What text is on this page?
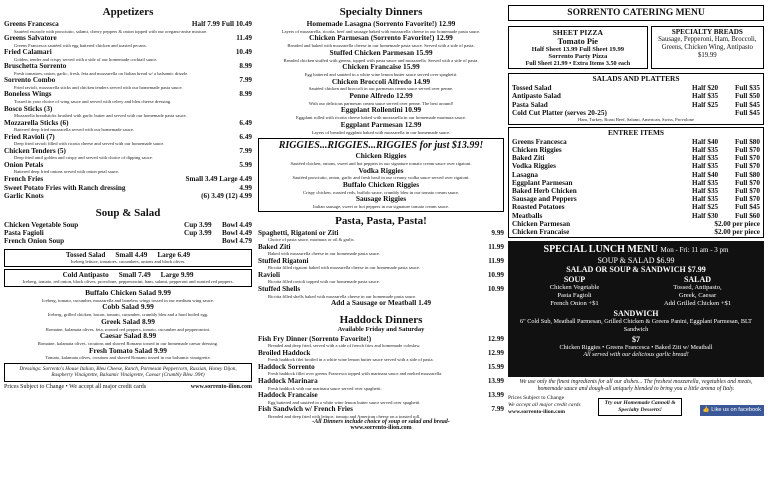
Appetizers
Greens Francesca	Half 7.99 Full 10.49
Sautéed escarole with prosciutto, salami, cherry peppers & onion topped with our oregano-anise mixture.
Greens Salvatore	11.49
Greens Francesca sautéed with egg battered chicken and toasted pecans.
Fried Calamari	10.49
Golden, tender and crispy served with a side of our homemade cocktail sauce.
Bruschetta Sorrento	8.99
Fresh tomatoes, onion, garlic, fresh, feta and mozzarella on Italian bread w/ a balsamic drizzle.
Sorrento Combo	7.99
Fried ravioli, mozzarella sticks and chicken tenders served with our homemade pasta sauce.
Boneless Wings	8.99
Tossed in your choice of wing sauce and served with celery and bleu cheese dressing.
Bosco Sticks (3)
Mozzarella breadsticks brushed with garlic butter and served with our homemade pasta sauce.
Mozzarella Sticks (6)	6.49
Battered deep fried mozzarella served with our homemade sauce.
Fried Ravioli (7)	6.49
Deep fried ravioli filled with ricotta cheese and served with our homemade sauce.
Chicken Tenders (5)	7.99
Deep fried until golden and crispy and served with choice of dipping sauce.
Onion Petals	5.99
Battered deep fried onions served with onion petal sauce.
French Fries	Small 3.49 Large 4.49
Sweet Potato Fries with Ranch dressing	4.99
Garlic Knots	(6) 3.49 (12) 4.99
Soup & Salad
Chicken Vegetable Soup	Cup 3.99	Bowl 4.49
Pasta Fagioli	Cup 3.99	Bowl 4.49
French Onion Soup	Bowl 4.79
Tossed Salad Small 4.49 Large 6.49
Iceberg lettuce, tomatoes, cucumbers, onions and black olives.
Cold Antipasto Small 7.49 Large 9.99
Iceberg, tomato, red onion, black olives, provolone, pepperoncini, ham, salami, pepperoni and roasted red peppers.
Buffalo Chicken Salad 9.99
Iceberg, tomato, cucumber, mozzarella and boneless wings tossed in our medium wing sauce.
Cobb Salad 9.99
Iceberg, grilled chicken, bacon, tomato, cucumber, crumbly bleu and a hard boiled egg.
Greek Salad 8.99
Romaine, kalamata olives, feta, roasted red peppers, tomato, cucumber and pepperoncini.
Caesar Salad 8.99
Romaine, kalamata olives, croutons and shaved Romano tossed in our homemade caesar dressing.
Fresh Tomato Salad 9.99
Tomato, kalamata olives, croutons and shaved Romano tossed in our balsamic vinaigrette.
Dressings: Sorrento's House Italian, Bleu Cheese, Ranch, Parmesan Peppercorn, Russian, Honey Dijon, Raspberry Vinaigrette, Balsamic Vinaigrette, Caesar (Crumbly Bleu .99¢)
Prices Subject to Change • We accept all major credit cards	www.sorrento-ilion.com
Specialty Dinners
Homemade Lasagna (Sorrento Favorite!) 12.99
Layers of mozzarella, ricotta, beef and sausage baked with mozzarella cheese in our homemade pasta sauce.
Chicken Parmesan (Sorrento Favorite!) 12.99
Breaded and baked with mozzarella cheese in our homemade pasta sauce. Served with a side of pasta.
Stuffed Chicken Parmesan 15.99
Breaded chicken stuffed with greens, topped with pasta sauce and mozzarella. Served with a side of pasta.
Chicken Francaise 15.99
Egg battered and sautéed in a white wine lemon butter sauce served over spaghetti.
Chicken Broccoli Alfredo 14.99
Sautéed chicken and broccoli in our parmesan cream sauce served over penne.
Penne Alfredo 12.99
With our delicious parmesan cream sauce served over penne. The best around!
Eggplant Rollentini 10.99
Eggplant rolled with ricotta cheese baked with mozzarella in our homemade marinara sauce.
Eggplant Parmesan 12.99
Layers of breaded eggplant baked with mozzarella in our homemade sauce.
RIGGIES...RIGGIES...RIGGIES for just $13.99!
Chicken Riggies
Sautéed chicken, onions, sweet and hot peppers in our signature tomato cream sauce over rigatoni.
Vodka Riggies
Sautéed prosciutto, onion, garlic and fresh basil in our creamy vodka sauce served over rigatoni.
Buffalo Chicken Riggies
Crispy chicken, roasted reds, buffalo sauce, crumbly bleu in our tomato cream sauce.
Sausage Riggies
Italian sausage, sweet or hot peppers in our signature tomato cream sauce.
Pasta, Pasta, Pasta!
Spaghetti, Rigatoni or Ziti	9.99
Choice of pasta sauce, marinara or oil & garlic.
Baked Ziti	11.99
Baked with mozzarella cheese in our homemade pasta sauce.
Stuffed Rigatoni	11.99
Ricotta filled rigatoni baked with mozzarella cheese in our homemade pasta sauce.
Ravioli	10.99
Ricotta filled ravioli topped with our homemade pasta sauce.
Stuffed Shells	10.99
Ricotta filled shells baked with mozzarella cheese in our homemade pasta sauce.
Add a Sausage or Meatball 1.49
Haddock Dinners
Available Friday and Saturday
Fish Fry Dinner (Sorrento Favorite!)	12.99
Breaded and deep fried, served with a side of french fries and homemade coleslaw.
Broiled Haddock	12.99
Fresh haddock filet broiled in a white wine lemon butter sauce served with a side of pasta.
Haddock Sorrento	15.99
Fresh haddock fillet over greens Francesca topped with marinara sauce and melted mozzarella.
Haddock Marinara	13.99
Fresh haddock with our marinara sauce served over spaghetti.
Haddock Francaise	13.99
Egg battered and sautéed in a white wine lemon butter sauce served over spaghetti.
Fish Sandwich w/ French Fries	7.99
Breaded and deep fried with lettuce, tomato and American cheese on a toasted roll.
-All Dinners include choice of soup or salad and bread-
www.sorrento-ilion.com
SORRENTO CATERING MENU
SHEET PIZZA
Tomato Pie
Half Sheet 13.99 Full Sheet 19.99
Sorrento Party Pizza
Full Sheet 21.99 • Extra Items 3.50 each
SPECIALTY BREADS
Sausage, Pepperoni, Ham, Broccoli, Greens, Chicken Wing, Antipasto
$19.99
SALADS AND PLATTERS
Tossed Salad	Half $20	Full $35
Antipasto Salad	Half $35	Full $50
Pasta Salad	Half $25	Full $45
Cold Cut Platter (serves 20-25)	Full $45
Ham, Turkey, Roast Beef, Salami, American, Swiss, Provolone
ENTREE ITEMS
Greens Francesca	Half $40	Full $80
Chicken Riggies	Half $35	Full $70
Baked Ziti	Half $35	Full $70
Vodka Riggies	Half $35	Full $70
Lasagna	Half $40	Full $80
Eggplant Parmesan	Half $35	Full $70
Baked Herb Chicken	Half $35	Full $70
Sausage and Peppers	Half $35	Full $70
Roasted Potatoes	Half $25	Full $45
Meatballs	Half $30	Full $60
Chicken Parmesan	$2.00 per piece
Chicken Francaise	$2.00 per piece
SPECIAL LUNCH MENU Mon - Fri: 11 am - 3 pm
SOUP & SALAD $6.99
SALAD OR SOUP & SANDWICH $7.99
SOUP
Chicken Vegetable
Pasta Fagioli
French Onion +$1
SALAD
Tossed, Antipasto,
Greek, Caesar
Add Grilled Chicken +$1
SANDWICH
6" Cold Sub, Meatball Parmesan, Grilled Chicken & Greens Panini, Eggplant Parmesan, BLT Sandwich
$7
Chicken Riggies • Greens Francesca • Baked Ziti w/ Meatball
All served with our delicious garlic bread!
We use only the finest ingredients for all our dishes... The freshest mozzarella, vegetables and meats, homemade sauce and dough-all uniquely blended to bring you a little aroma of Italy.
Prices Subject to Change
We accept all major credit cards
www.sorrento-ilion.com
Try our Homemade Cannoli & Specialty Desserts!	👍 Like us on facebook
